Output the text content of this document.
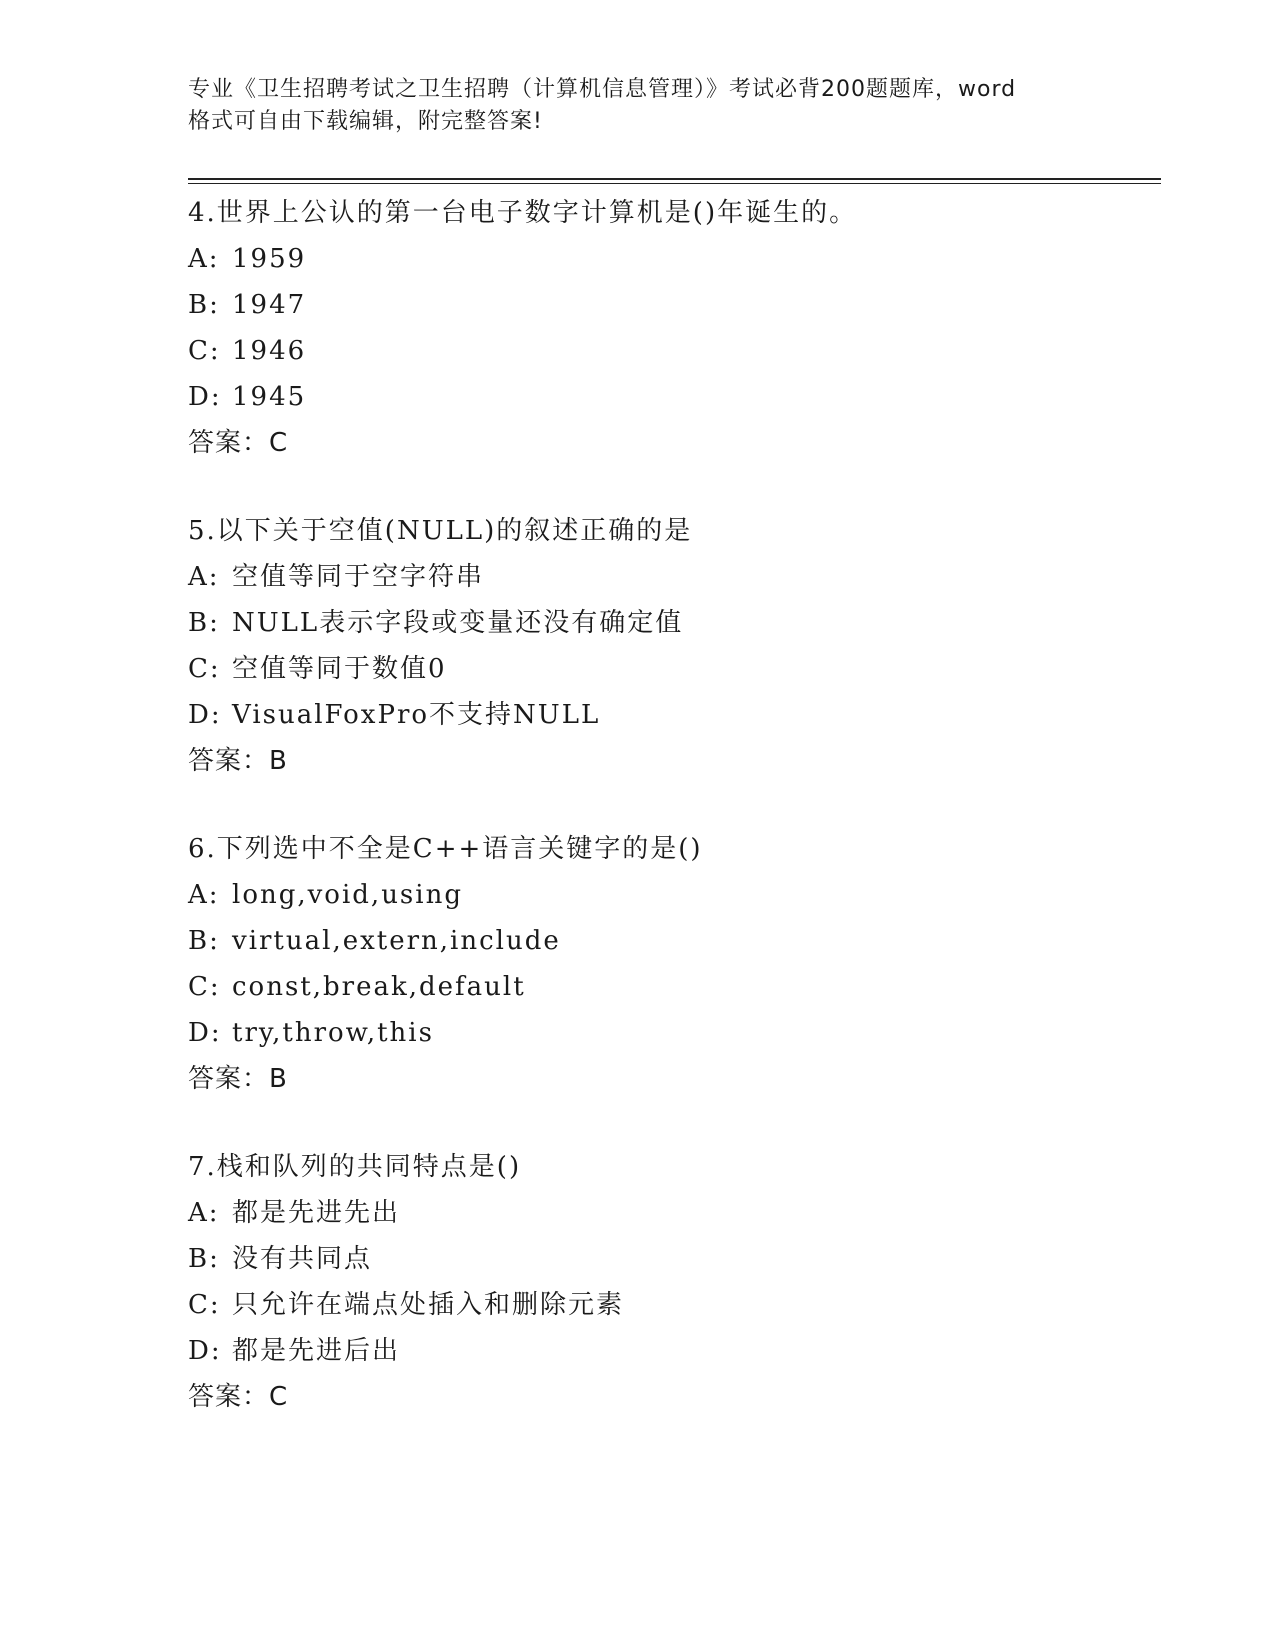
专业《卫生招聘考试之卫生招聘（计算机信息管理）》考试必背200题题库，word
格式可自由下载编辑，附完整答案!
4.世界上公认的第一台电子数字计算机是()年诞生的。
A: 1959
B: 1947
C: 1946
D: 1945
答案：C
5.以下关于空值(NULL)的叙述正确的是
A: 空值等同于空字符串
B: NULL表示字段或变量还没有确定值
C: 空值等同于数值0
D: VisualFoxPro不支持NULL
答案：B
6.下列选中不全是C++语言关键字的是()
A: long,void,using
B: virtual,extern,include
C: const,break,default
D: try,throw,this
答案：B
7.栈和队列的共同特点是()
A: 都是先进先出
B: 没有共同点
C: 只允许在端点处插入和删除元素
D: 都是先进后出
答案：C
